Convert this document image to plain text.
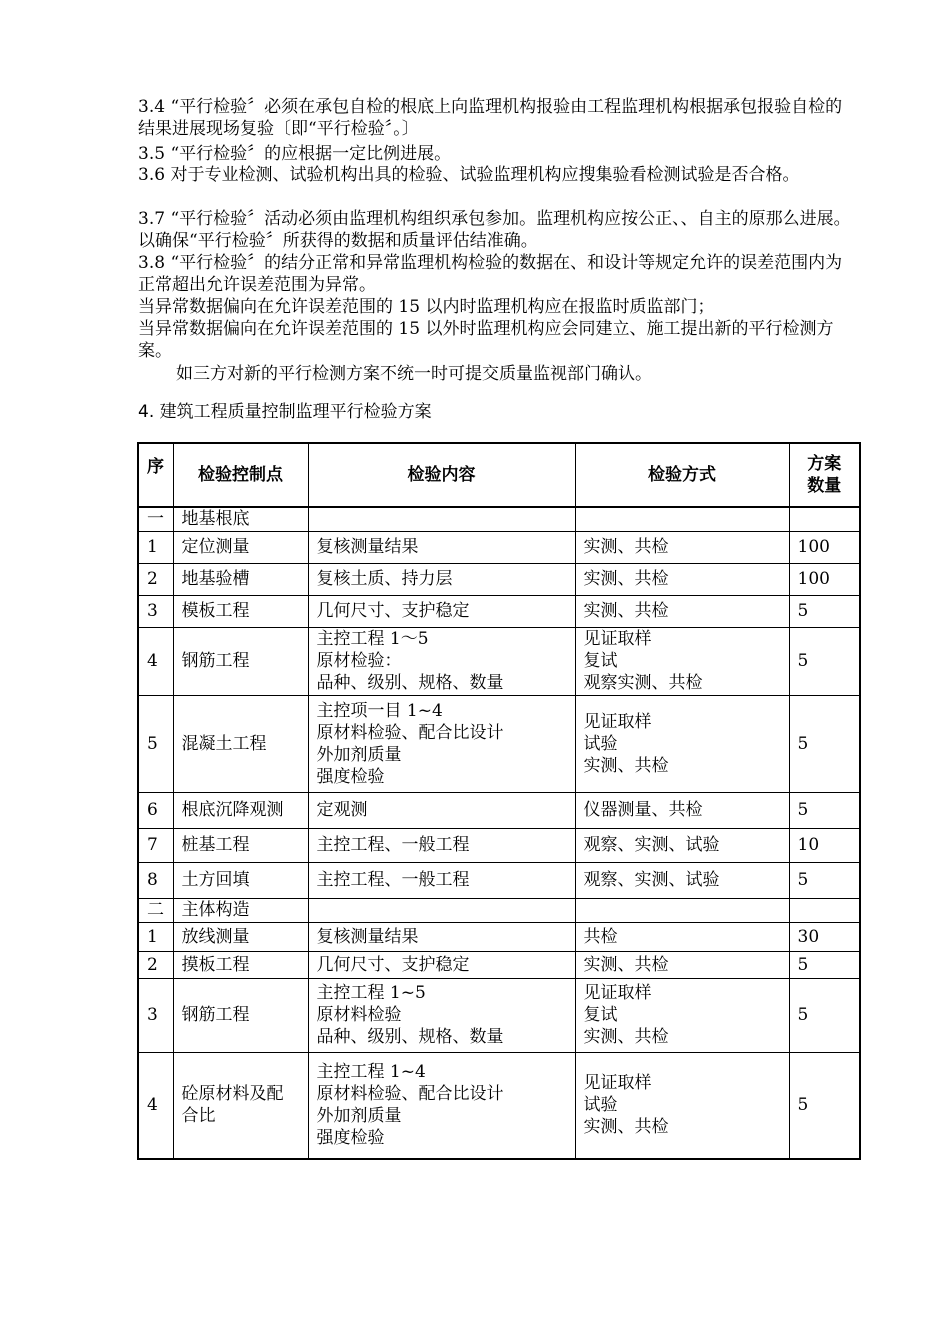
3.4 “平行检验〞必须在承包自检的根底上向监理机构报验由工程监理机构根据承包报验自检的结果进展现场复验〔即“平行检验〞。〕

3.5 “平行检验〞的应根据一定比例进展。

3.6 对于专业检测、试验机构出具的检验、试验监理机构应搜集验看检测试验是否合格。

3.7 “平行检验〞活动必须由监理机构组织承包参加。监理机构应按公正、、自主的原那么进展。以确保“平行检验〞所获得的数据和质量评估结准确。

3.8 “平行检验〞的结分正常和异常监理机构检验的数据在、和设计等规定允许的误差范围内为正常超出允许误差范围为异常。

当异常数据偏向在允许误差范围的 15 以内时监理机构应在报监时质监部门；

当异常数据偏向在允许误差范围的 15 以外时监理机构应会同建立、施工提出新的平行检测方案。

如三方对新的平行检测方案不统一时可提交质量监视部门确认。

4. 建筑工程质量控制监理平行检验方案
序	检验控制点	检验内容	检验方式	方案
数量

一	地基根底			
1	定位测量	复核测量结果	实测、共检	100
2	地基验槽	复核土质、持力层	实测、共检	100
3	模板工程	几何尺寸、支护稳定	实测、共检	5
4	钢筋工程	主控工程 1～5
原材检验：
品种、级别、规格、数量	见证取样
复试
观察实测、共检	5
5	混凝土工程	主控项一目 1~4
原材料检验、配合比设计
外加剂质量
强度检验	见证取样
试验
实测、共检	5
6	根底沉降观测	定观测	仪器测量、共检	5
7	桩基工程	主控工程、一般工程	观察、实测、试验	10
8	土方回填	主控工程、一般工程	观察、实测、试验	5
二	主体构造			
1	放线测量	复核测量结果	共检	30
2	摸板工程	几何尺寸、支护稳定	实测、共检	5
3	钢筋工程	主控工程 1~5
原材料检验
品种、级别、规格、数量	见证取样
复试
实测、共检	5
4	砼原材料及配合比	主控工程 1~4
原材料检验、配合比设计
外加剂质量
强度检验	见证取样
试验
实测、共检	5
